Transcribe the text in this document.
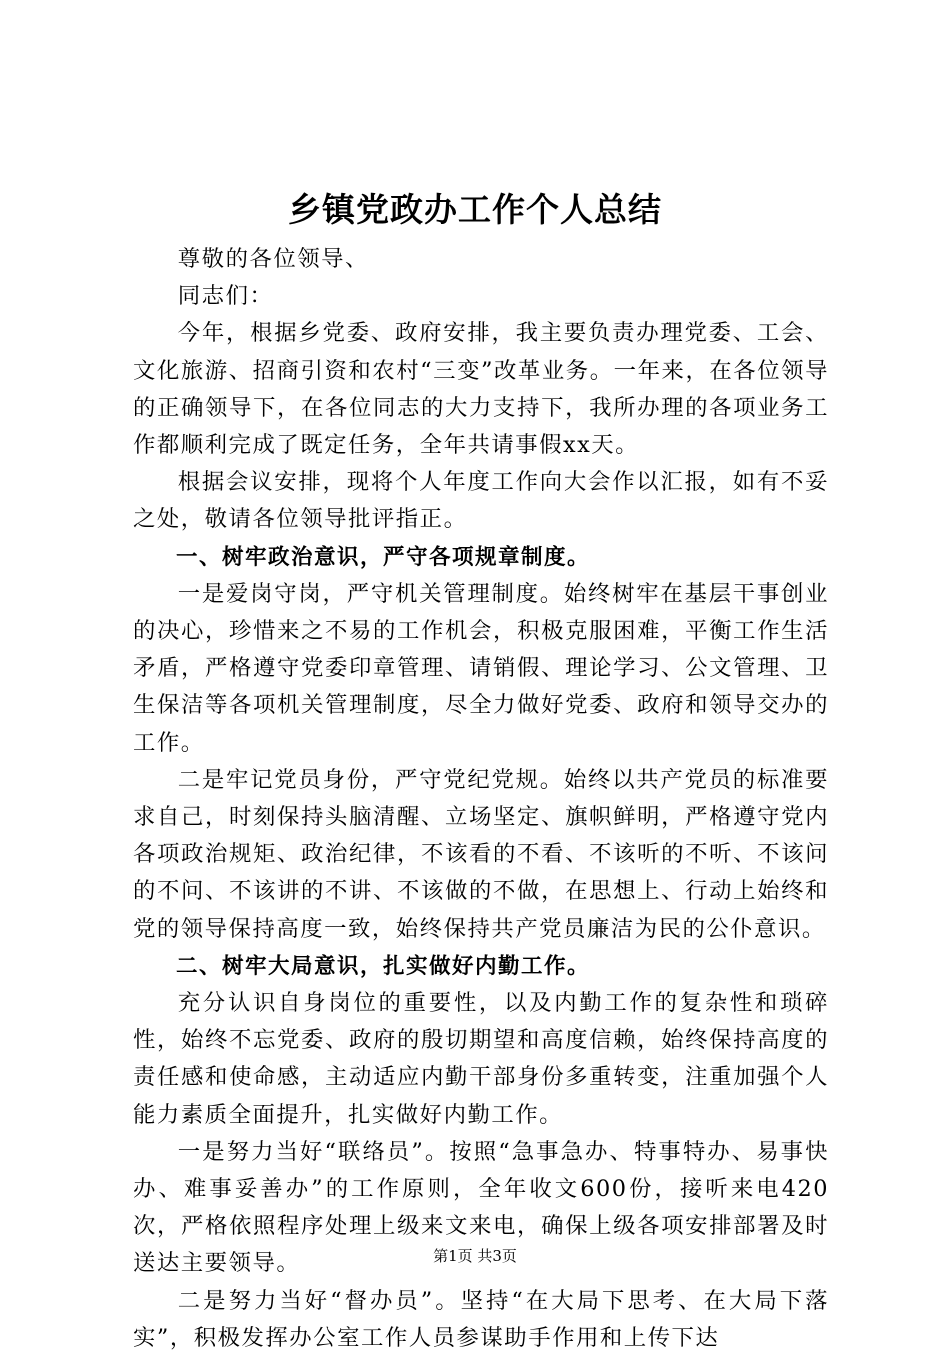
乡镇党政办工作个人总结

尊敬的各位领导、

同志们：

今年，根据乡党委、政府安排，我主要负责办理党委、工会、文化旅游、招商引资和农村“三变”改革业务。一年来，在各位领导的正确领导下，在各位同志的大力支持下，我所办理的各项业务工作都顺利完成了既定任务，全年共请事假xx天。

根据会议安排，现将个人年度工作向大会作以汇报，如有不妥之处，敬请各位领导批评指正。

一、树牢政治意识，严守各项规章制度。

一是爱岗守岗，严守机关管理制度。始终树牢在基层干事创业的决心，珍惜来之不易的工作机会，积极克服困难，平衡工作生活矛盾，严格遵守党委印章管理、请销假、理论学习、公文管理、卫生保洁等各项机关管理制度，尽全力做好党委、政府和领导交办的工作。

二是牢记党员身份，严守党纪党规。始终以共产党员的标准要求自己，时刻保持头脑清醒、立场坚定、旗帜鲜明，严格遵守党内各项政治规矩、政治纪律，不该看的不看、不该听的不听、不该问的不问、不该讲的不讲、不该做的不做，在思想上、行动上始终和党的领导保持高度一致，始终保持共产党员廉洁为民的公仆意识。

二、树牢大局意识，扎实做好内勤工作。

充分认识自身岗位的重要性，以及内勤工作的复杂性和琐碎性，始终不忘党委、政府的殷切期望和高度信赖，始终保持高度的责任感和使命感，主动适应内勤干部身份多重转变，注重加强个人能力素质全面提升，扎实做好内勤工作。

一是努力当好“联络员”。按照“急事急办、特事特办、易事快办、难事妥善办”的工作原则，全年收文600份，接听来电420次，严格依照程序处理上级来文来电，确保上级各项安排部署及时送达主要领导。

二是努力当好“督办员”。坚持“在大局下思考、在大局下落实”，积极发挥办公室工作人员参谋助手作用和上传下达

第1页 共3页
